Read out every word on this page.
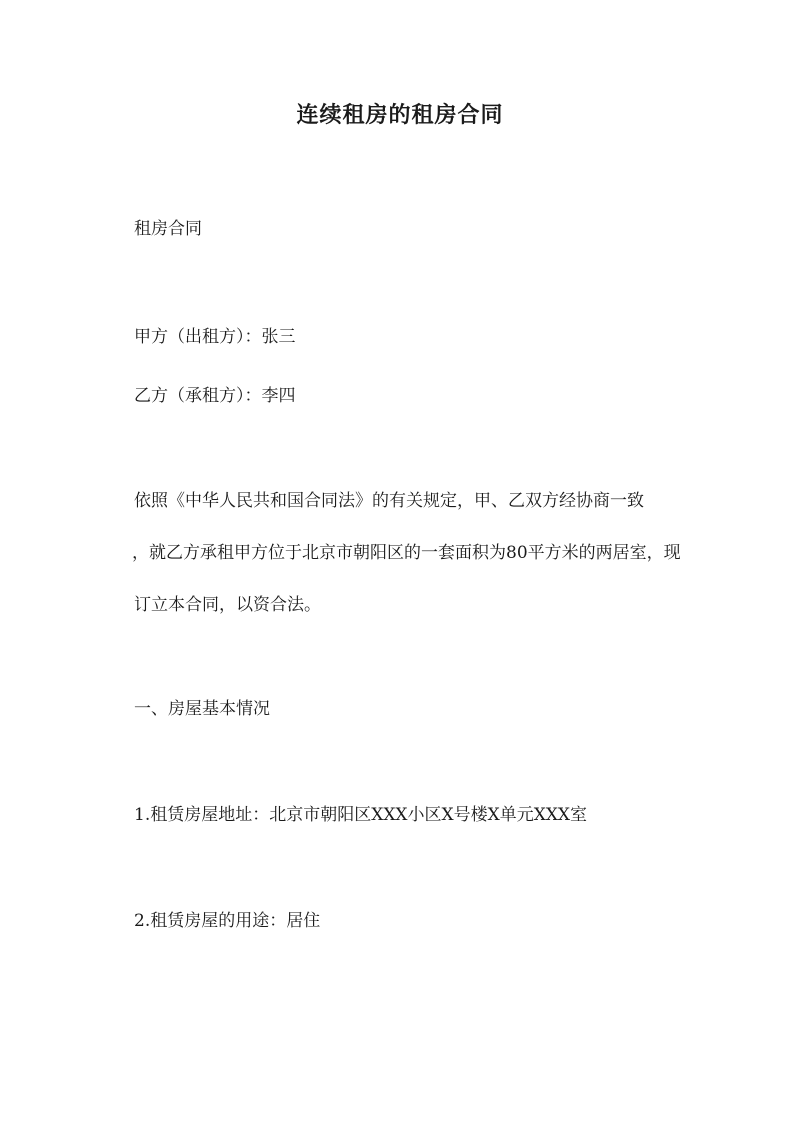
连续租房的租房合同
租房合同
甲方（出租方）：张三
乙方（承租方）：李四
依照《中华人民共和国合同法》的有关规定，甲、乙双方经协商一致
，就乙方承租甲方位于北京市朝阳区的一套面积为80平方米的两居室，现
订立本合同，以资合法。
一、房屋基本情况
1.租赁房屋地址：北京市朝阳区XXX小区X号楼X单元XXX室
2.租赁房屋的用途：居住
